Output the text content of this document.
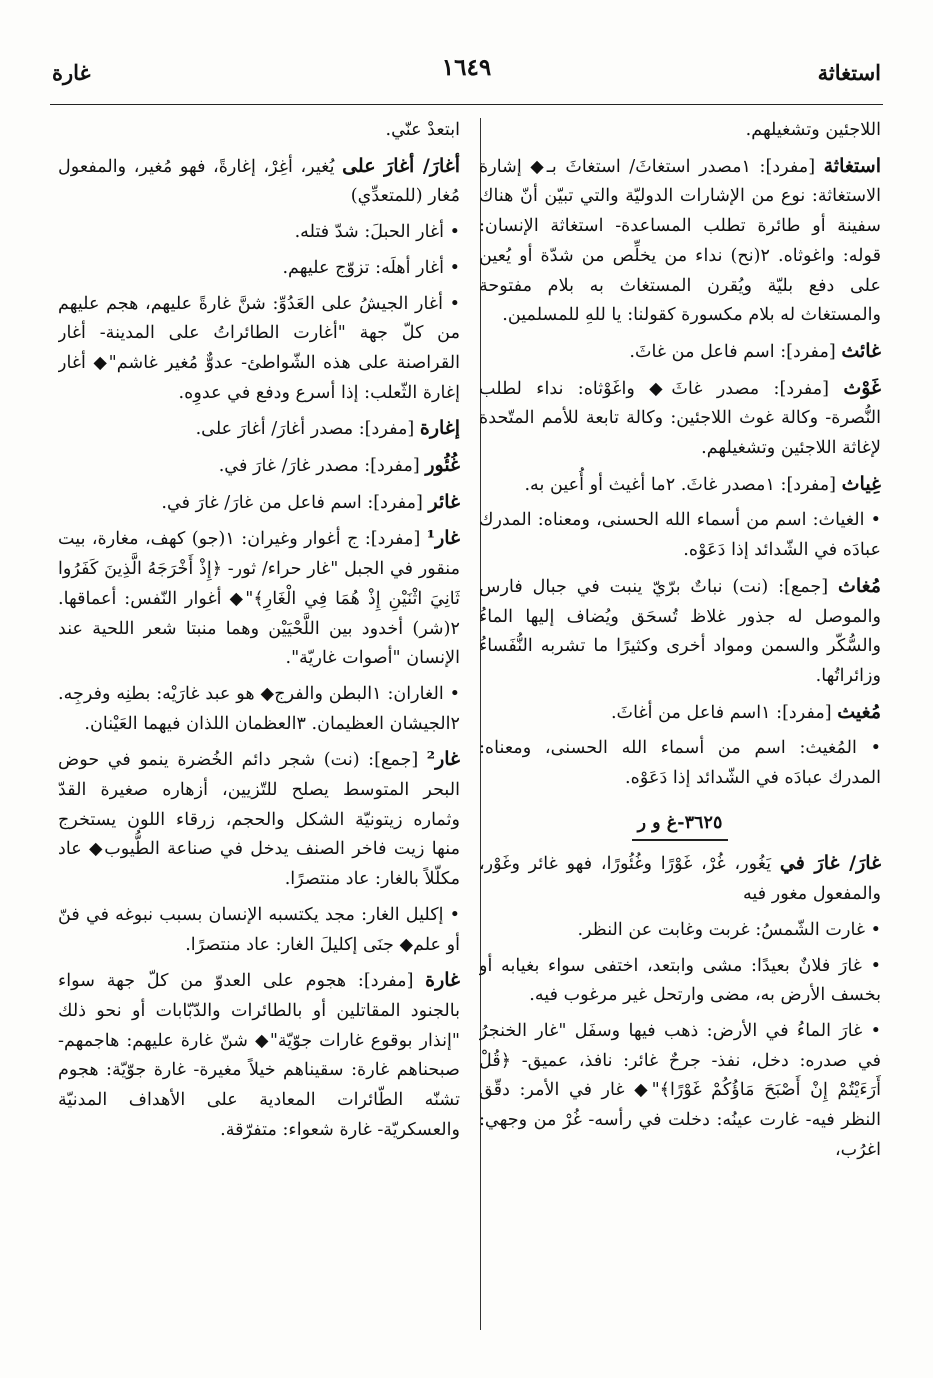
استغاثة
١٦٤٩
غارة

اللاجئين وتشغيلهم.

استغاثة [مفرد]: ١مصدر استغاثَ/ استغاثَ بـ◆ إشارة الاستغاثة: نوع من الإشارات الدوليّة والتي تبيّن أنّ هناك سفينة أو طائرة تطلب المساعدة- استغاثة الإنسان: قوله: واغوثاه. ٢(نح) نداء من يخلِّص من شدّة أو يُعين على دفع بليّة ويُقرن المستغاث به بلام مفتوحة والمستغاث له بلام مكسورة كقولنا: يا للهِ للمسلمين.

غائث [مفرد]: اسم فاعل من غاثَ.

غَوْث [مفرد]: مصدر غاثَ◆ واغَوْثاه: نداء لطلب النُّصرة- وكالة غوث اللاجئين: وكالة تابعة للأمم المتّحدة لإغاثة اللاجئين وتشغيلهم.

غِياث [مفرد]: ١مصدر غاثَ. ٢ما أغيث أو أُعين به.

• الغياث: اسم من أسماء الله الحسنى، ومعناه: المدرك عبادَه في الشّدائد إذا دَعَوْه.

مُغاث [جمع]: (نت) نباتٌ برّيّ ينبت في جبال فارس والموصل له جذور غلاظ تُسحَق ويُضاف إليها الماءُ والسُّكّر والسمن ومواد أخرى وكثيرًا ما تشربه النُّفَساءُ وزائراتُها.

مُغيث [مفرد]: ١اسم فاعل من أغاثَ.

• المُغيث: اسم من أسماء الله الحسنى، ومعناه: المدرك عبادَه في الشّدائد إذا دَعَوْه.

٣٦٢٥-غ و ر

غارَ/ غارَ في يَغُور، غُرْ، غَوْرًا وغُئُورًا، فهو غائر وغَوْر، والمفعول مغور فيه

• غارت الشّمسُ: غربت وغابت عن النظر.

• غارَ فلانٌ بعيدًا: مشى وابتعد، اختفى سواء بغيابه أو بخسف الأرض به، مضى وارتحل غير مرغوب فيه.

• غارَ الماءُ في الأرض: ذهب فيها وسفَل "غار الخنجرُ في صدره: دخل، نفذ- جرحٌ غائر: نافذ، عميق- ﴿قُلْ أَرَءَيْتُمْ إِنْ أَصْبَحَ مَاؤُكُمْ غَوْرًا﴾"◆ غار في الأمر: دقّق النظر فيه- غارت عينُه: دخلت في رأسه- غُرْ من وجهي: اغرُب،

ابتعدْ عنّي.

أغارَ/ أغارَ على يُغير، أغِرْ، إغارةً، فهو مُغير، والمفعول مُغار (للمتعدِّي)

• أغار الحبلَ: شدّ فتله.

• أغار أهلَه: تزوّج عليهم.

• أغار الجيشُ على العَدُوِّ: شنَّ غارةً عليهم، هجم عليهم من كلّ جهة "أغارت الطائراتُ على المدينة- أغار القراصنة على هذه الشّواطئ- عدوٌّ مُغير غاشم"◆ أغار إغارة الثّعلب: إذا أسرع ودفع في عدوِه.

إغارة [مفرد]: مصدر أغارَ/ أغارَ على.

غُئُور [مفرد]: مصدر غارَ/ غارَ في.

غائر [مفرد]: اسم فاعل من غارَ/ غارَ في.

غار¹ [مفرد]: ج أغوار وغيران: ١(جو) كهف، مغارة، بيت منقور في الجبل "غار حراء/ ثور- ﴿إِذْ أَخْرَجَهُ الَّذِينَ كَفَرُوا ثَانِيَ اثْنَيْنِ إِذْ هُمَا فِي الْغَارِ﴾"◆ أغوار النّفس: أعماقها. ٢(شر) أخدود بين اللَّحْيَيْن وهما منبتا شعر اللحية عند الإنسان "أصوات غاريّة".

• الغاران: ١البطن والفرج◆ هو عبد غارَيْه: بطنِه وفرجِه. ٢الجيشان العظيمان. ٣العظمان اللذان فيهما العَيْنان.

غار² [جمع]: (نت) شجر دائم الخُضرة ينمو في حوض البحر المتوسط يصلح للتّزيين، أزهاره صغيرة القدّ وثماره زيتونيّة الشكل والحجم، زرقاء اللون يستخرج منها زيت فاخر الصنف يدخل في صناعة الطُّيوب◆ عاد مكلّلاً بالغار: عاد منتصرًا.

• إكليل الغار: مجد يكتسبه الإنسان بسبب نبوغه في فنّ أو علم◆ جنَى إكليلَ الغار: عاد منتصرًا.

غارة [مفرد]: هجوم على العدوّ من كلّ جهة سواء بالجنود المقاتلين أو بالطائرات والدّبّابات أو نحو ذلك "إنذار بوقوع غارات جوّيّة"◆ شنّ غارة عليهم: هاجمهم- صبحناهم غارة: سقيناهم خيلاً مغيرة- غارة جوّيّة: هجوم تشنّه الطّائرات المعادية على الأهداف المدنيّة والعسكريّة- غارة شعواء: متفرّقة.
